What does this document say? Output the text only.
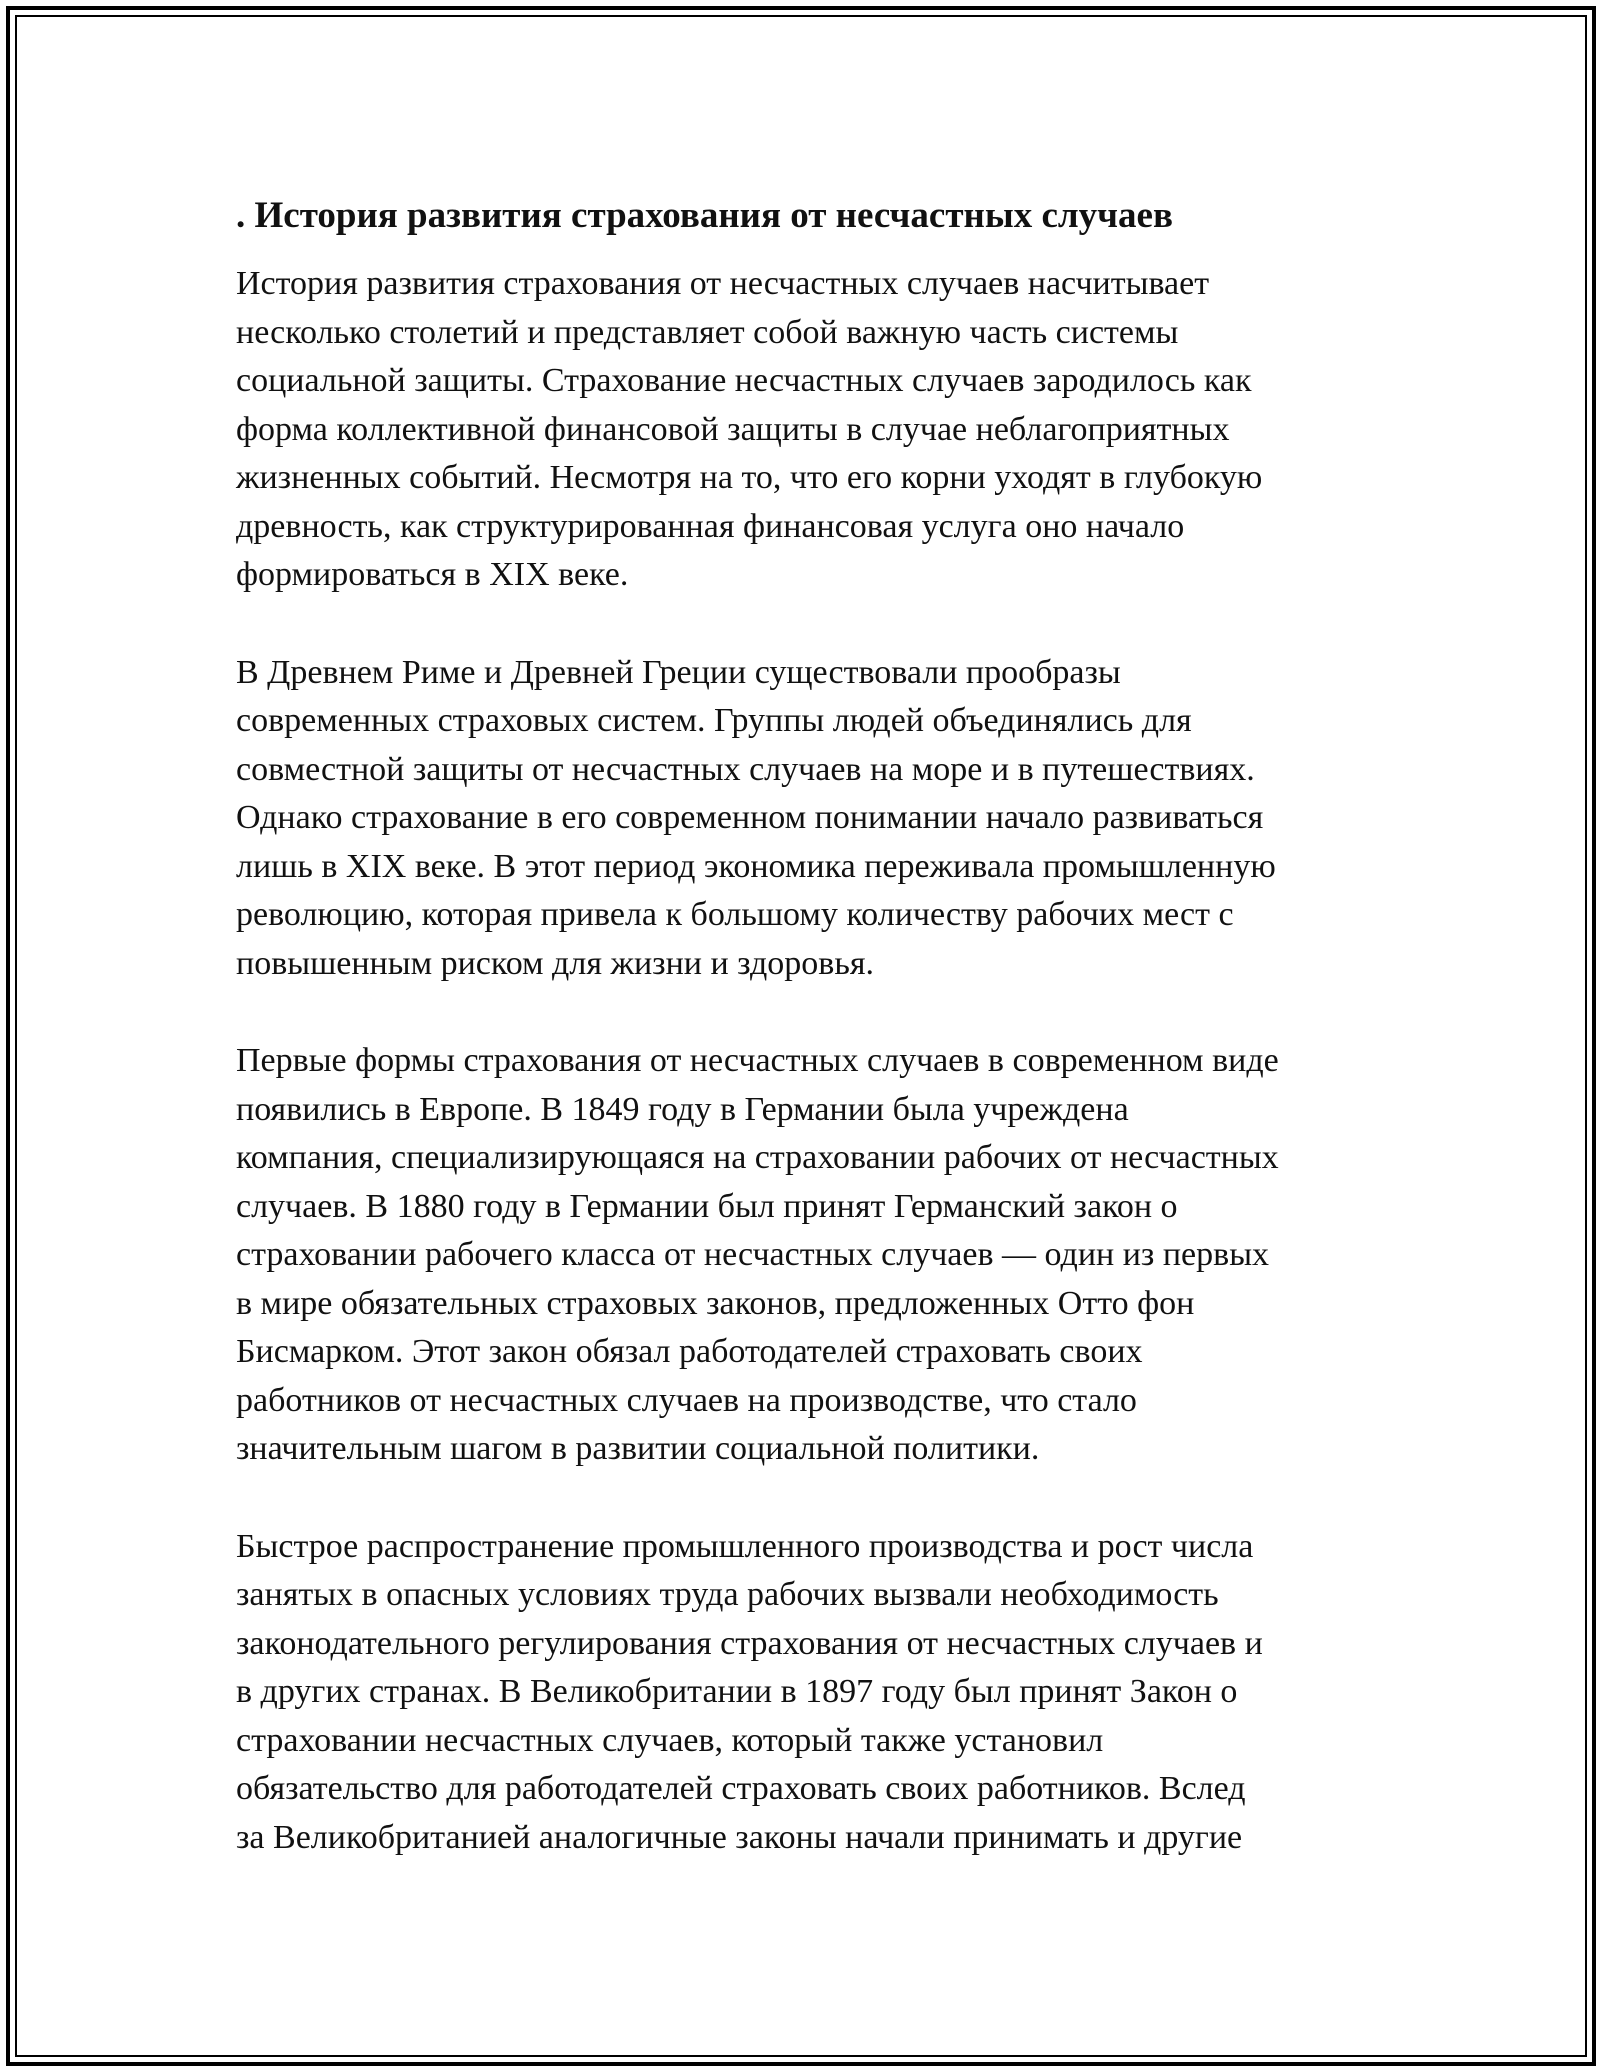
. История развития страхования от несчастных случаев

История развития страхования от несчастных случаев насчитывает
несколько столетий и представляет собой важную часть системы
социальной защиты. Страхование несчастных случаев зародилось как
форма коллективной финансовой защиты в случае неблагоприятных
жизненных событий. Несмотря на то, что его корни уходят в глубокую
древность, как структурированная финансовая услуга оно начало
формироваться в XIX веке.

В Древнем Риме и Древней Греции существовали прообразы
современных страховых систем. Группы людей объединялись для
совместной защиты от несчастных случаев на море и в путешествиях.
Однако страхование в его современном понимании начало развиваться
лишь в XIX веке. В этот период экономика переживала промышленную
революцию, которая привела к большому количеству рабочих мест с
повышенным риском для жизни и здоровья.

Первые формы страхования от несчастных случаев в современном виде
появились в Европе. В 1849 году в Германии была учреждена
компания, специализирующаяся на страховании рабочих от несчастных
случаев. В 1880 году в Германии был принят Германский закон о
страховании рабочего класса от несчастных случаев — один из первых
в мире обязательных страховых законов, предложенных Отто фон
Бисмарком. Этот закон обязал работодателей страховать своих
работников от несчастных случаев на производстве, что стало
значительным шагом в развитии социальной политики.

Быстрое распространение промышленного производства и рост числа
занятых в опасных условиях труда рабочих вызвали необходимость
законодательного регулирования страхования от несчастных случаев и
в других странах. В Великобритании в 1897 году был принят Закон о
страховании несчастных случаев, который также установил
обязательство для работодателей страховать своих работников. Вслед
за Великобританией аналогичные законы начали принимать и другие
